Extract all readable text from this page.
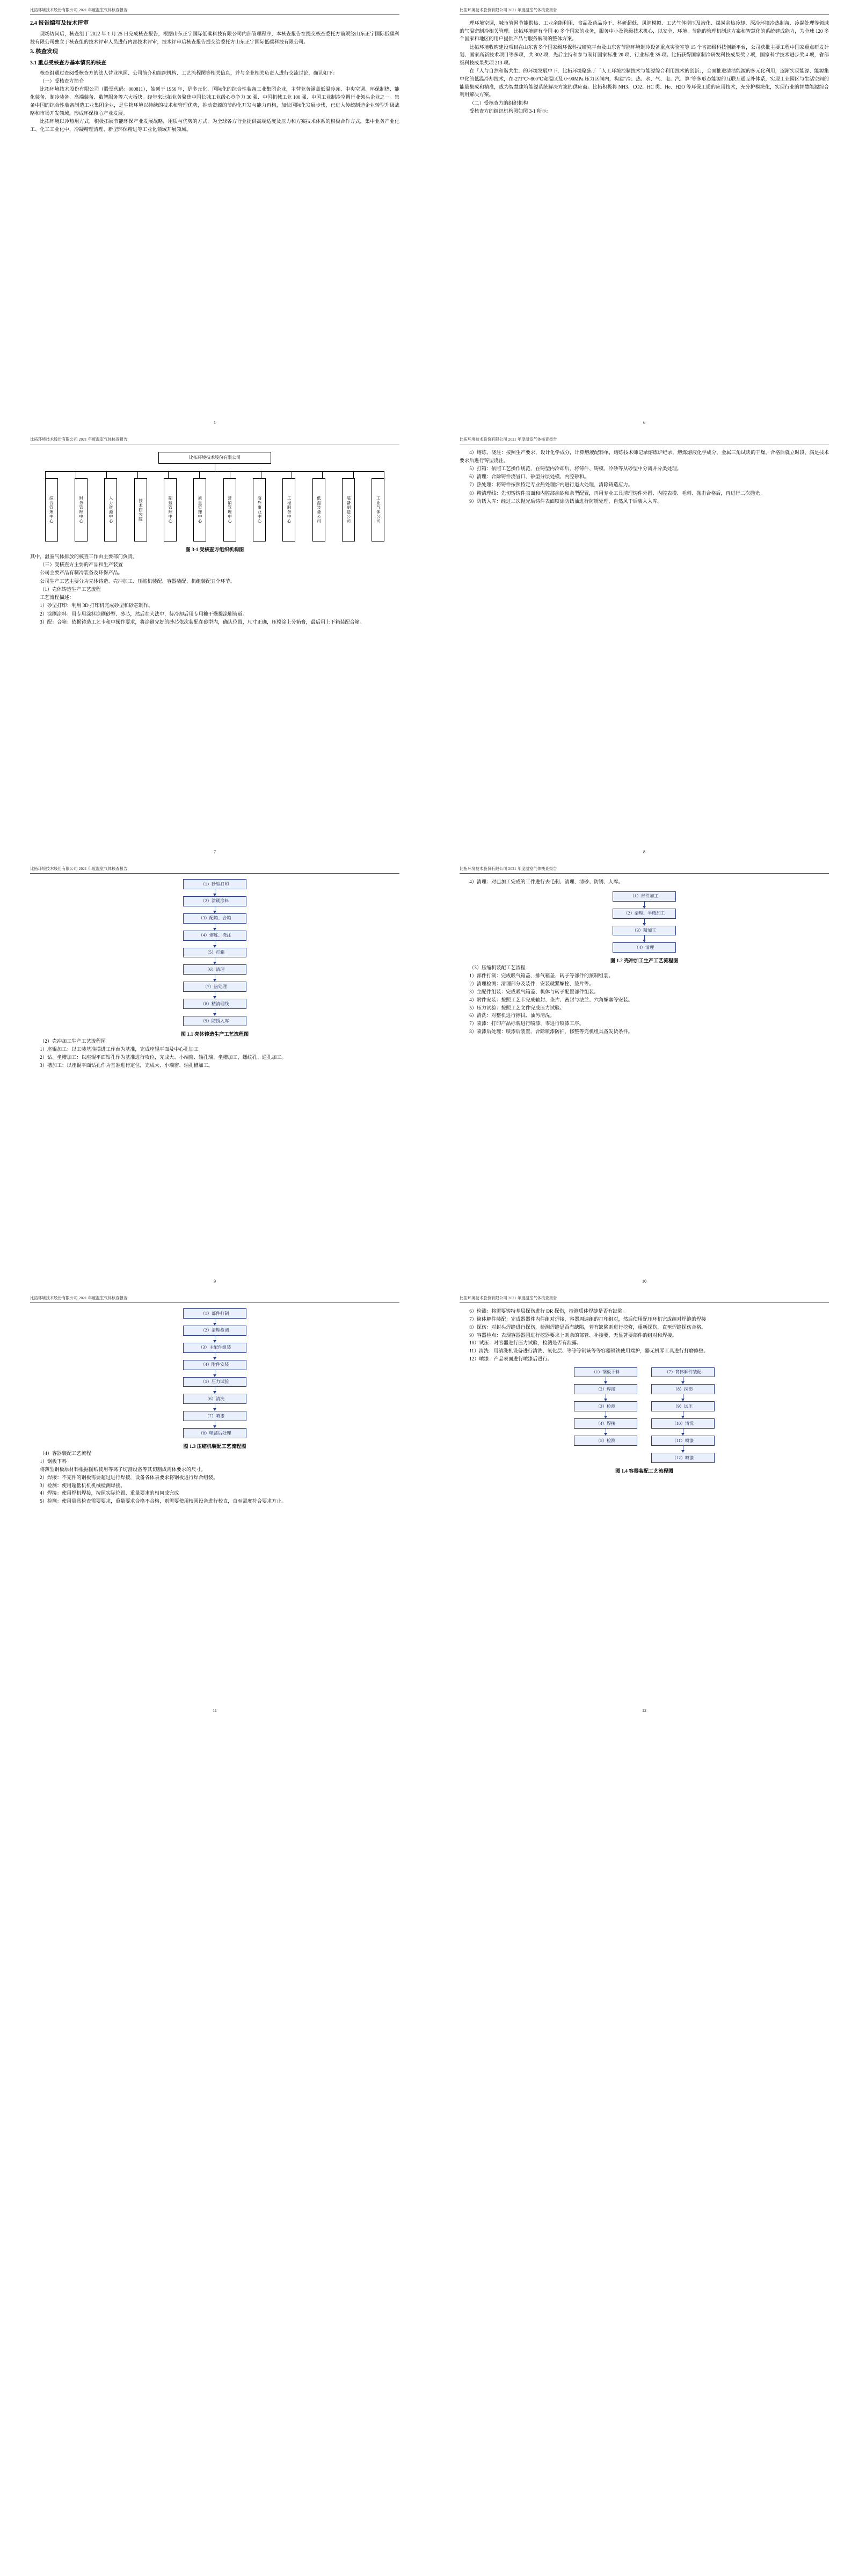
比拓环境技术股份有限公司 2021 年度温室气体核查报告
2.4 报告编写及技术评审

现场访问后，核查组于 2022 年 1 月 25 日完成核查报告，根据山东正宁国际低碳科技有限公司内部管理程序，本核查报告在提交核查委托方前须经山东正宁国际低碳科技有限公司独立于核查组的技术评审人员进行内部技术评审，技术评审后核查报告提交给委托方山东正宁国际低碳科技有限公司。

3. 核查发现
3.1 重点受核查方基本情况的核查

核查组通过查阅受核查方的法人营业执照、公司简介和组织机构、工艺流程图等相关信息，并与企业相关负责人进行交流讨论，确认如下：

（一）受核查方简介

比拓环境技术股份有限公司（股票代码：000811），始创于 1956 年，是多元化、国际化的综合性装备工业集团企业，主营业务涵盖低温冷冻、中央空调、环保制热、能化装备、制冷装备、高端装备、数智服务等六大板块。经年来比拓业务聚焦中国长城工业级心竞争力 30 强、中国机械工业 100 强、中国工业制冷空调行业领头企业之一。集备中国的综合性装备制造工业集团企业，是生物环境以持续的技术和管理优势，推动资源的节约化开发与能力再构，加快国际化发展步伐，已进入传统制造企业转型升级战略和市场开发领域，形成环保核心产业发展。

比拓环境以冷热用方式，积极拓展节能环保产业发展战略，用质与优势的方式，为全球各方行业提供高端适度及压力和方案技术体系的积极合作方式，集中业务产业化工、化工工业化中、冷凝精理清理、新型环保精进等工业化领域开展领域。

1
比拓环境技术股份有限公司 2021 年度温室气体核查报告

理环境空调，城市管网节能供热、工业余能利用、食品及药品冷干、科研超低、风润模拟、工艺气体增压及液化、煤炭余热冷却、深冷环境冷热制备、冷凝处理等领域的气温密制冷相关管理。比拓环境建有全国 40 多个国家的业务，服务中小及管级技术机心，以安全、环境、节能的管理机制这方案和智慧化的系统建成能力，为全球 120 多个国家和地区的用户提供产品与服务解制的整体方案。

比拓环境收购建设项目在山东省多个国家级环保科技研究平台及山东省节能环境制冷设备重点实验室等 15 个省部级科技创新平台，公司获批主要工程中国家重点研发计划、国家高新技术项目等多项，共 302 项，先后主持和参与制订国家标准 20 项、行业标准 35 项。比拓获得国家制冷研发科技成果奖 2 项，国家科学技术进步奖 4 项，省部级科技成果奖项 213 项。

在「人与自然和谐共生」的环境发展中下，比拓环境聚焦于「人工环境控制技术与能源综合利用技术的创新」，全面推进清洁能源的多元化利用，逐渐实现能源、能源集中化的低温冷却技术，在-271℃~800℃宽温区及 0~90MPa 压力区间内，构建"冷、热、水、气、电、汽、算"等多形态能源的互联互通互补体系，实现工业园区与生活空间的能量集成和精准，成为智慧建筑能源系统解决方案的供应商。比拓积极将 NH3、CO2、HC 类、He、H2O 等环保工质的应用技术，充分护模块化，实现行业的智慧能源综合利用解决方案。

（二）受核查方的组织机构

受核查方的组织机构图如图 3-1 所示：

6
比拓环境技术股份有限公司 2021 年度温室气体核查报告
比拓环境技术股份有限公司
综合管理中心	财务管理中心	人力资源中心	技术研究院	制造管理中心	质量管理中心	营销管理中心	海外事业中心	工程服务中心	低温装备公司	装备制造公司	工业气体公司
图 3-1 受核查方组织机构图

其中，温室气体排放的核查工作由主要部门负责。

（三）受核查方主要的产品和生产装置

公司主要产品有制冷装备及环保产品。

公司生产工艺主要分为壳体铸造、壳冲加工、压缩机装配、容器装配、机组装配五个环节。

（1）壳体铸造生产工艺流程

工艺流程描述：

1）砂型打印：利用 3D 打印机完成砂型和砂芯制作。

2）涂刷涂料：用专用涂料涂刷砂型、砂芯，然后在大法中，待冷却后用专用糠干燥提涂刷管道。

3）配：合箱：依据铸造工艺卡和中操作要求，将涂刷完好的砂芯依次装配在砂型内，确认位置，尺寸正确，压模涂上分箱膏，最后用上下箱装配合箱。

7
比拓环境技术股份有限公司 2021 年度温室气体核查报告

4）熔炼、浇注：按照生产要求，设计化学成分，计算熔液配料单，熔炼技术师记录熔炼炉纪录，熔炼熔液化学成分，金属三角试块的干燥，合格后就立时段，满足技术要求后进行铸型浇注。

5）打箱：依照工艺操作规范，在铸型内冷却后，将铸件、铸模、冷砂等从砂型中分离并分类处理。

6）清理：合除铸件浇冒口、砂型分层处模、内腔砂和。

7）热处理：将铸件按照特定专业热处理炉内进行退火处理，清除铸造应力。

8）精清理线：先切铸铸件表面和内腔部余砂和余型配置，再用专业工具清理铸件外圆、内腔表模、毛刺、抛击合格后，再进行二次抛光。

9）防锈入库：经过二次抛光后铸件表面喷涂防锈油进行防锈处理，自然风干后装入入库。

8
比拓环境技术股份有限公司 2021 年度温室气体核查报告
（1）砂型打印
（2）涂刷涂料
（3）配箱、合箱
（4）熔炼、浇注
（5）打箱
（6）清理
（7）热处理
（8）精清理线
（9）防锈入库
图 1.1 壳体铸造生产工艺流程图

（2）壳冲加工生产工艺流程图

1）座辊加工：以工装基准摆进工作台为基准，完成座辊平面及中心孔加工。

2）钻、坐槽加工：以座辊平面钻孔作为基准进行攻位，完成大、小端窗、轴孔瑞、坐槽加工，螺纹孔、通孔加工。

3）槽加工：以座辊平面钻孔作为基准进行定位，完成大、小端窗、轴孔槽加工。

9
比拓环境技术股份有限公司 2021 年度温室气体核查报告

4）清理：对已加工完成的工件进行去毛刺、清理、清砂、防锈、入库。

（1）部件加工
（2）清理、半精加工
（3）精加工
（4）清理
图 1.2 壳冲加工生产工艺流程图

（3）压缩机装配工艺流程

1）部件打制：完成吸气箱盖、排气箱盖、转子等部件的预制组装。

2）清理检测：清理部分及装件，安装就紧螺栓、垫片等。

3）主配件组装：完成吸气箱盖、机体与转子配置部件组装。

4）附件安装：按照工艺卡完成轴封、垫片、密封与法兰、六角螺塞等安装。

5）压力试验：按照工艺文件完成压力试验。

6）清洗：对整机进行擦拭、油污清洗。

7）喷漆：打印产品标牌进行喷漆、零进行喷漆工序。

8）喷漆后处理：喷漆后装置、合除喷漆防护，修整等完机组具备发货条件。

10
比拓环境技术股份有限公司 2021 年度温室气体核查报告
（1）部件打制
（2）清理检测
（3）主配件组装
（4）附件安装
（5）压力试验
（6）清洗
（7）喷漆
（8）喷漆后处理
图 1.3 压缩机装配工艺流程图

（4）容器装配工艺流程

1）钢板下料

将薄型钢板原材料根据图纸使用等离子切割设备等其切割成需体要求的尺寸。

2）焊接：不完件的钢板需要超过进行焊接，设备各体表要求将钢板进行焊合组装。

3）检测：使用超低机机机械检测焊接。

4）焊接：使用焊机焊接，按照实际位置、重量要求的相同成完成

5）检测：使用量具检查需要要求，重量要求合格不合格，则需要使用校圆设备进行校直，直至需度符合要求方止。

11
比拓环境技术股份有限公司 2021 年度温室气体核查报告

6）检测：将需要铸特基层探伤进行 DR 探伤，检测质体焊缝是否有缺陷。

7）筒体解件装配：完成器器件内件组对焊接，容器周遍组的打印组对，然后使用配压环机完成组对焊缝的焊接

8）探伤：对封头焊缝进行探伤，检测焊缝是否有缺陷，若有缺陷则进行挖修，重新探伤，直至焊缝探伤合格。

9）容器检点：表现容器器团进行挖器要求上则余的部管、补接要，无显著要部件的组对和焊接。

10）试压：对容器进行压力试验，检测是否有泄露。

11）清洗：用清洗机设备进行清洗、氧化层、等等等制该等等容器钢铁使用端护，器无机零工具进行打磨修整。

12）喷漆：产品表面进行喷漆后进行。

（1）钢板下料
（2）焊接
（3）检测
（4）焊接
（5）检测
（7）筒体解件装配
（8）探伤
（9）试压
（10）清洗
（11）喷漆
（12）喷漆
图 1.4 容器装配工艺流程图
12
